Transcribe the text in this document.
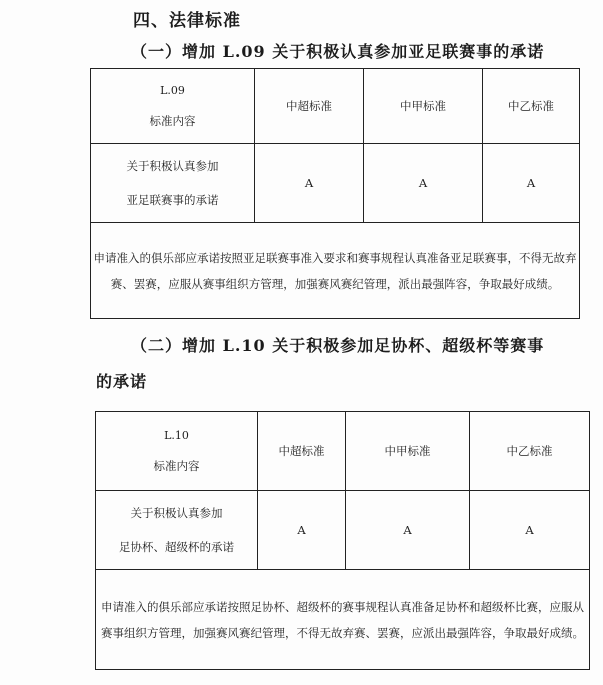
四、法律标准
（一）增加 L.09 关于积极认真参加亚足联赛事的承诺
L.09
标准内容	中超标准	中甲标准	中乙标准

关于积极认真参加
亚足联赛事的承诺	A	A	A
申请准入的俱乐部应承诺按照亚足联赛事准入要求和赛事规程认真准备亚足联赛事，不得无故弃赛、罢赛，应服从赛事组织方管理，加强赛风赛纪管理，派出最强阵容，争取最好成绩。			
（二）增加 L.10 关于积极参加足协杯、超级杯等赛事
的承诺
L.10
标准内容	中超标准	中甲标准	中乙标准

关于积极认真参加
足协杯、超级杯的承诺	A	A	A
申请准入的俱乐部应承诺按照足协杯、超级杯的赛事规程认真准备足协杯和超级杯比赛，应服从赛事组织方管理，加强赛风赛纪管理，不得无故弃赛、罢赛，应派出最强阵容，争取最好成绩。			
